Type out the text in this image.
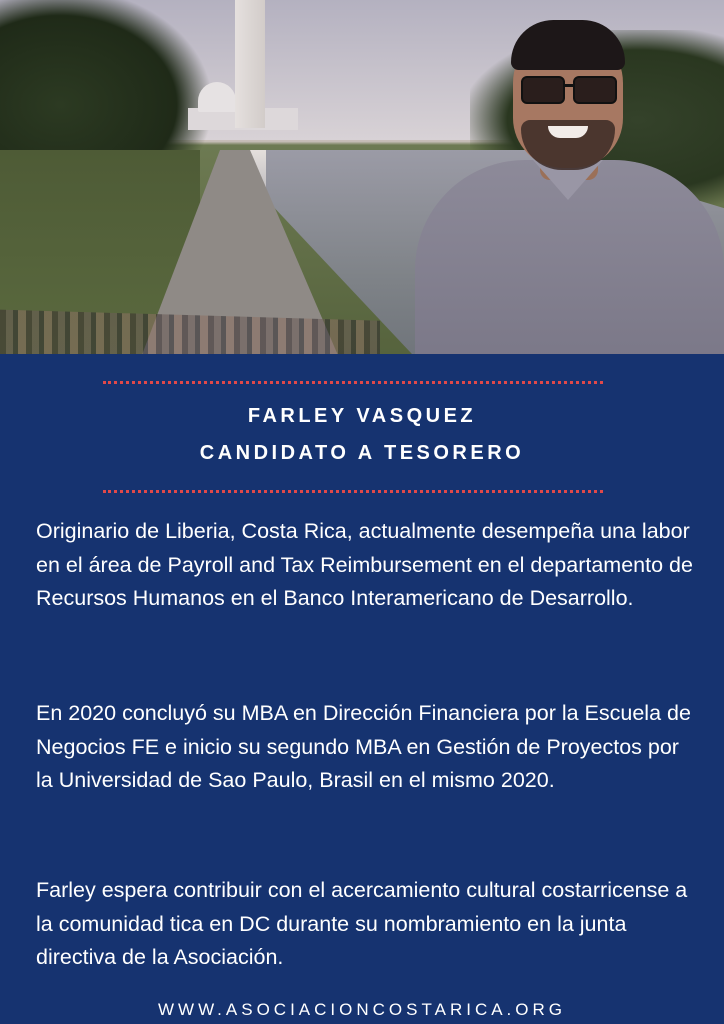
FARLEY VASQUEZ
CANDIDATO A TESORERO

Originario de Liberia, Costa Rica, actualmente desempeña una labor en el área de Payroll and Tax Reimbursement en el departamento de Recursos Humanos en el Banco Interamericano de Desarrollo.

En 2020 concluyó su MBA en Dirección Financiera por la Escuela de Negocios FE e inicio su segundo MBA en Gestión de Proyectos por la Universidad de Sao Paulo, Brasil en el mismo 2020.

Farley espera contribuir con el acercamiento cultural costarricense a la comunidad tica en DC durante su nombramiento en la junta directiva de la Asociación.

WWW.ASOCIACIONCOSTARICA.ORG
